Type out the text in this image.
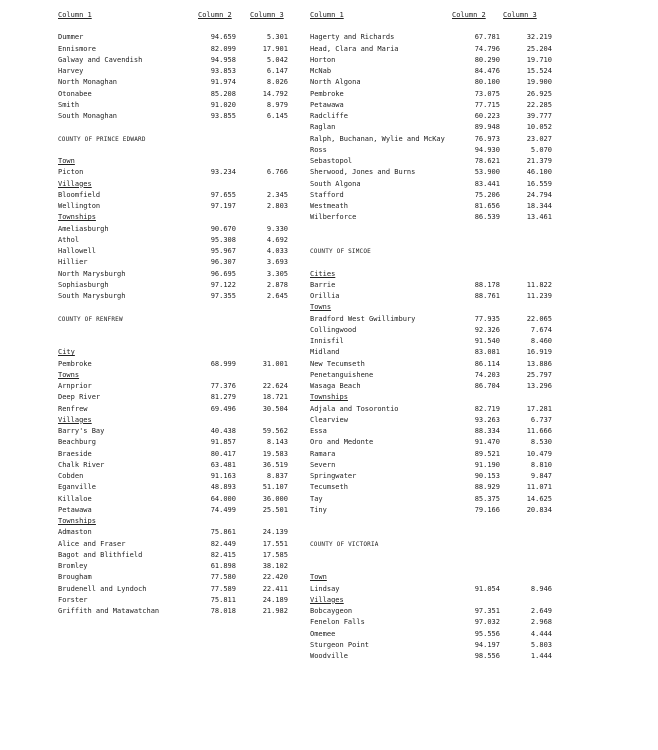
Column 1	Column 2	Column 3
Dummer	94.659	5.301
Ennismore	82.099	17.901
Galway and Cavendish	94.958	5.042
Harvey	93.853	6.147
North Monaghan	91.974	8.026
Otonabee	85.208	14.792
Smith	91.020	8.979
South Monaghan	93.855	6.145
COUNTY OF PRINCE EDWARD
Town
Picton	93.234	6.766
Villages
Bloomfield	97.655	2.345
Wellington	97.197	2.803
Townships
Ameliasburgh	90.670	9.330
Athol	95.308	4.692
Hallowell	95.967	4.033
Hillier	96.307	3.693
North Marysburgh	96.695	3.305
Sophiasburgh	97.122	2.878
South Marysburgh	97.355	2.645
COUNTY OF RENFREW
City
Pembroke	68.999	31.001
Towns
Arnprior	77.376	22.624
Deep River	81.279	18.721
Renfrew	69.496	30.504
Villages
Barry's Bay	40.438	59.562
Beachburg	91.857	8.143
Braeside	80.417	19.583
Chalk River	63.481	36.519
Cobden	91.163	8.837
Eganville	48.893	51.107
Killaloe	64.000	36.000
Petawawa	74.499	25.501
Townships
Admaston	75.861	24.139
Alice and Fraser	82.449	17.551
Bagot and Blithfield	82.415	17.585
Bromley	61.898	38.102
Brougham	77.580	22.420
Brudenell and Lyndoch	77.589	22.411
Forster	75.811	24.189
Griffith and Matawatchan	78.018	21.982
Column 1	Column 2 Column 3
Hagerty and Richards	67.781	32.219
Head, Clara and Maria	74.796	25.204
Horton	80.290	19.710
McNab	84.476	15.524
North Algona	80.100	19.900
Pembroke	73.075	26.925
Petawawa	77.715	22.285
Radcliffe	60.223	39.777
Raglan	89.948	10.052
Ralph, Buchanan, Wylie and McKay	76.973	23.027
Ross	94.930	5.070
Sebastopol	78.621	21.379
Sherwood, Jones and Burns	53.900	46.100
South Algona	83.441	16.559
Stafford	75.206	24.794
Westmeath	81.656	18.344
Wilberforce	86.539	13.461
COUNTY OF SIMCOE
Cities
Barrie	88.178	11.822
Orillia	88.761	11.239
Towns
Bradford West Gwillimbury	77.935	22.065
Collingwood	92.326	7.674
Innisfil	91.540	8.460
Midland	83.081	16.919
New Tecumseth	86.114	13.886
Penetanguishene	74.203	25.797
Wasaga Beach	86.704	13.296
Townships
Adjala and Tosorontio	82.719	17.281
Clearview	93.263	6.737
Essa	88.334	11.666
Oro and Medonte	91.470	8.530
Ramara	89.521	10.479
Severn	91.190	8.810
Springwater	90.153	9.847
Tecumseth	88.929	11.071
Tay	85.375	14.625
Tiny	79.166	20.834
COUNTY OF VICTORIA
Town
Lindsay	91.054	8.946
Villages
Bobcaygeon	97.351	2.649
Fenelon Falls	97.032	2.968
Omemee	95.556	4.444
Sturgeon Point	94.197	5.803
Woodville	98.556	1.444
